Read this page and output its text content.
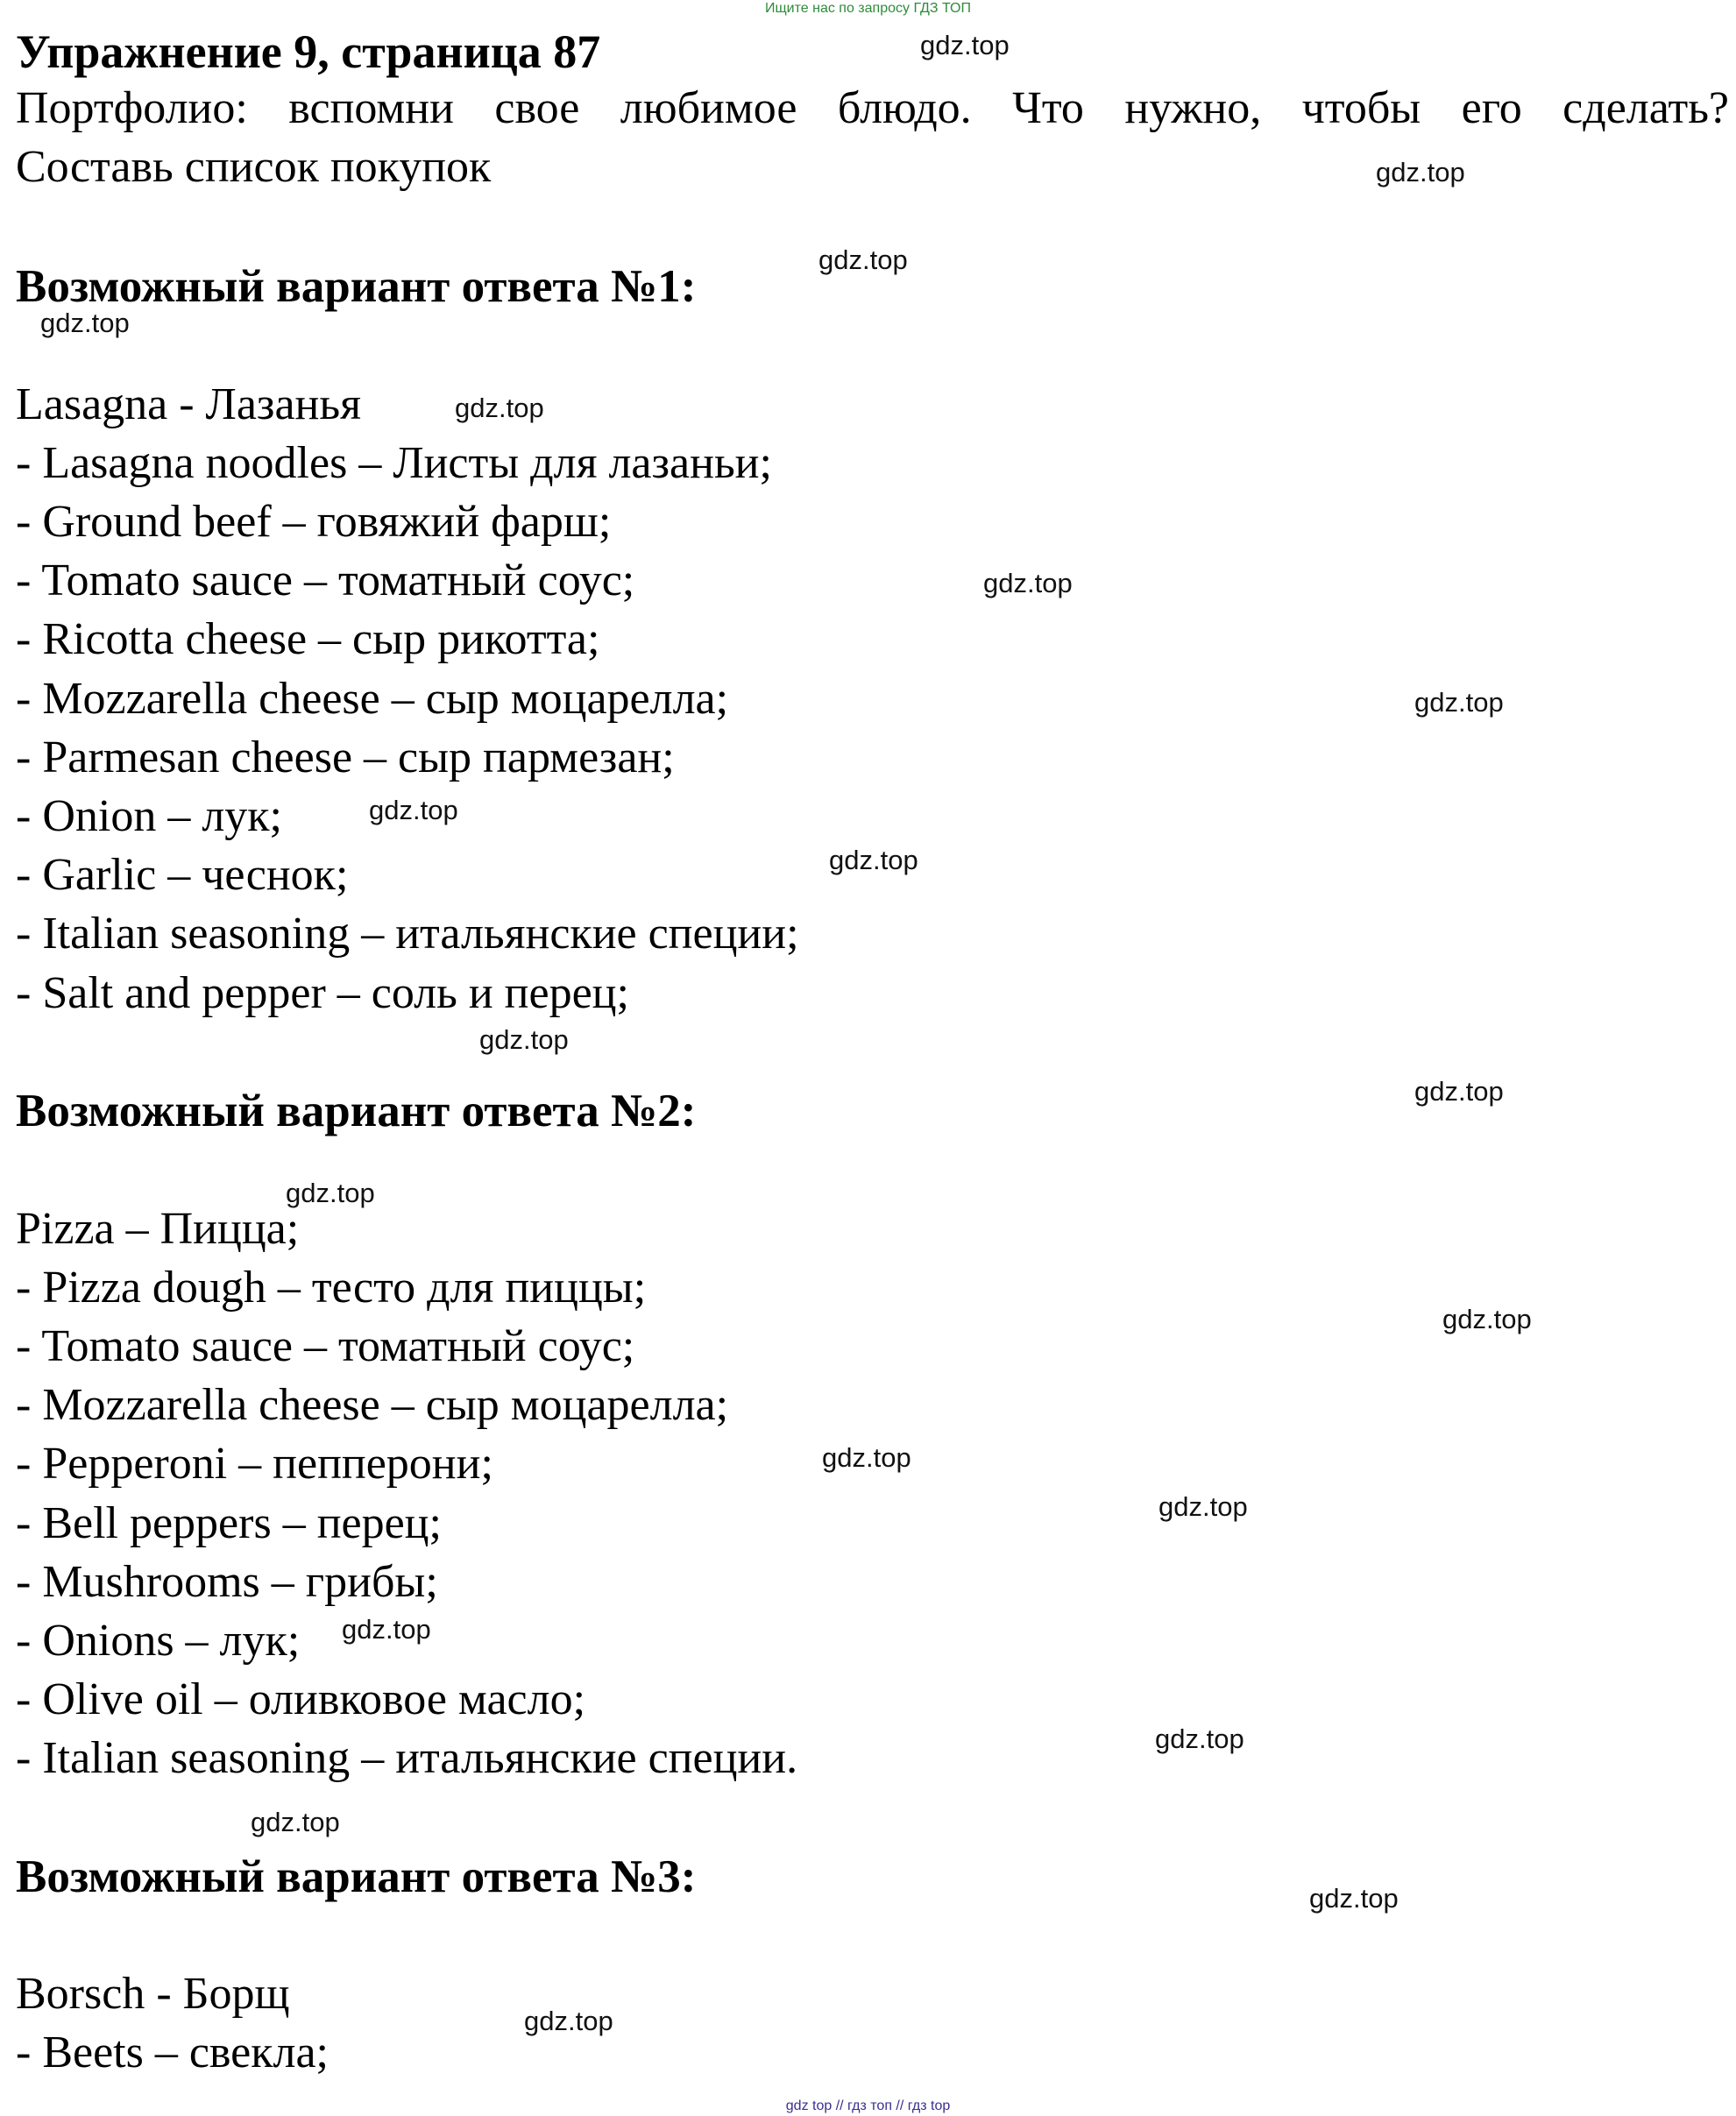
Ищите нас по запросу ГДЗ ТОП
Упражнение 9, страница 87
Портфолио: вспомни свое любимое блюдо. Что нужно, чтобы его сделать?
Составь список покупок
Возможный вариант ответа №1:
Lasagna - Лазанья
- Lasagna noodles – Листы для лазаньи;
- Ground beef – говяжий фарш;
- Tomato sauce – томатный соус;
- Ricotta cheese – сыр рикотта;
- Mozzarella cheese – сыр моцарелла;
- Parmesan cheese – сыр пармезан;
- Onion – лук;
- Garlic – чеснок;
- Italian seasoning – итальянские специи;
- Salt and pepper – соль и перец;
Возможный вариант ответа №2:
Pizza – Пицца;
- Pizza dough – тесто для пиццы;
- Tomato sauce – томатный соус;
- Mozzarella cheese – сыр моцарелла;
- Pepperoni – пепперони;
- Bell peppers – перец;
- Mushrooms – грибы;
- Onions – лук;
- Olive oil – оливковое масло;
- Italian seasoning – итальянские специи.
Возможный вариант ответа №3:
Borsch - Борщ
- Beets – свекла;
gdz.top
gdz.top
gdz.top
gdz.top
gdz.top
gdz.top
gdz.top
gdz.top
gdz.top
gdz.top
gdz.top
gdz.top
gdz.top
gdz.top
gdz.top
gdz.top
gdz.top
gdz.top
gdz.top
gdz.top
gdz top // гдз топ // гдз top
